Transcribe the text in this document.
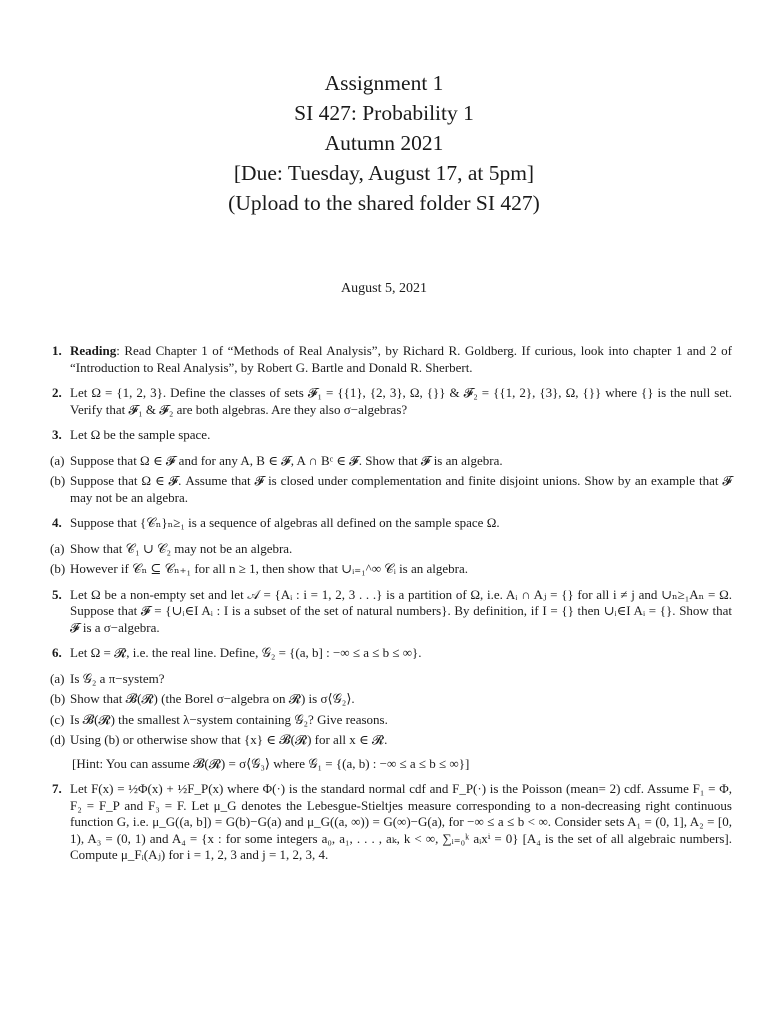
Assignment 1
SI 427: Probability 1
Autumn 2021
[Due: Tuesday, August 17, at 5pm]
(Upload to the shared folder SI 427)
August 5, 2021
1. Reading: Read Chapter 1 of “Methods of Real Analysis”, by Richard R. Goldberg. If curious, look into chapter 1 and 2 of “Introduction to Real Analysis”, by Robert G. Bartle and Donald R. Sherbert.
2. Let Ω = {1, 2, 3}. Define the classes of sets 𝓕₁ = {{1}, {2, 3}, Ω, {}} & 𝓕₂ = {{1, 2}, {3}, Ω, {}} where {} is the null set. Verify that 𝓕₁ & 𝓕₂ are both algebras. Are they also σ−algebras?
3. Let Ω be the sample space.
(a) Suppose that Ω ∈ 𝓕 and for any A, B ∈ 𝓕, A ∩ Bᶜ ∈ 𝓕. Show that 𝓕 is an algebra.
(b) Suppose that Ω ∈ 𝓕. Assume that 𝓕 is closed under complementation and finite disjoint unions. Show by an example that 𝓕 may not be an algebra.
4. Suppose that {𝒞ₙ}ₙ≥₁ is a sequence of algebras all defined on the sample space Ω.
(a) Show that 𝒞₁ ∪ 𝒞₂ may not be an algebra.
(b) However if 𝒞ₙ ⊆ 𝒞ₙ₊₁ for all n ≥ 1, then show that ∪ᵢ₌₁^∞ 𝒞ᵢ is an algebra.
5. Let Ω be a non-empty set and let 𝒜 = {Aᵢ : i = 1, 2, 3 . . .} is a partition of Ω, i.e. Aᵢ ∩ Aⱼ = {} for all i ≠ j and ∪ₙ≥₁Aₙ = Ω. Suppose that 𝓕 = {∪ᵢ∈I Aᵢ : I is a subset of the set of natural numbers}. By definition, if I = {} then ∪ᵢ∈I Aᵢ = {}. Show that 𝓕 is a σ−algebra.
6. Let Ω = 𝓡, i.e. the real line. Define, 𝒢₂ = {(a, b] : −∞ ≤ a ≤ b ≤ ∞}.
(a) Is 𝒢₂ a π−system?
(b) Show that 𝓑(𝓡) (the Borel σ−algebra on 𝓡) is σ⟨𝒢₂⟩.
(c) Is 𝓑(𝓡) the smallest λ−system containing 𝒢₂? Give reasons.
(d) Using (b) or otherwise show that {x} ∈ 𝓑(𝓡) for all x ∈ 𝓡.
[Hint: You can assume 𝓑(𝓡) = σ⟨𝒢₃⟩ where 𝒢₁ = {(a, b) : −∞ ≤ a ≤ b ≤ ∞}]
7. Let F(x) = ½Φ(x) + ½F_P(x) where Φ(·) is the standard normal cdf and F_P(·) is the Poisson (mean= 2) cdf. Assume F₁ = Φ, F₂ = F_P and F₃ = F. Let μ_G denotes the Lebesgue-Stieltjes measure corresponding to a non-decreasing right continuous function G, i.e. μ_G((a, b]) = G(b)−G(a) and μ_G((a, ∞)) = G(∞)−G(a), for −∞ ≤ a ≤ b < ∞. Consider sets A₁ = (0, 1], A₂ = [0, 1), A₃ = (0, 1) and A₄ = {x : for some integers a₀, a₁, . . . , aₖ, k < ∞, ∑ᵢ₌₀ᵏ aᵢxⁱ = 0} [A₄ is the set of all algebraic numbers]. Compute μ_Fᵢ(Aⱼ) for i = 1, 2, 3 and j = 1, 2, 3, 4.
